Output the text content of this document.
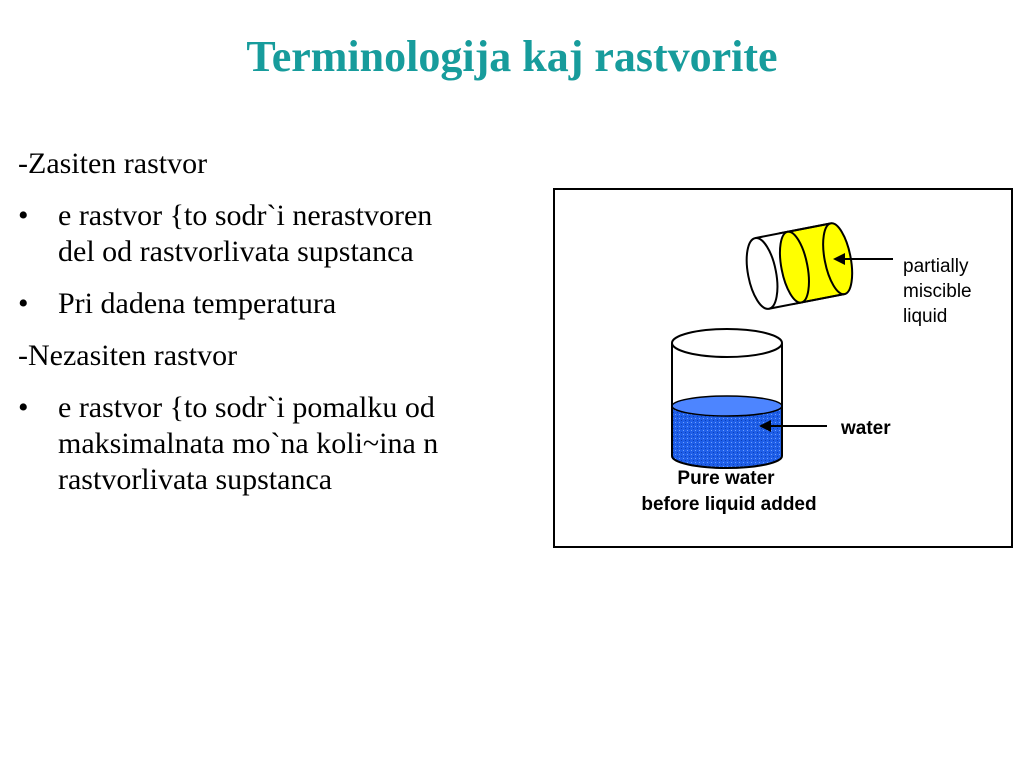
Terminologija kaj rastvorite

-Zasiten rastvor

• e rastvor {to sodr`i nerastvoren
del od rastvorlivata supstanca
• Pri dadena temperatura

-Nezasiten rastvor

• e rastvor {to sodr`i pomalku od
maksimalnata mo`na koli~ina n
rastvorlivata supstanca
partially
miscible
liquid
water
Pure water
before liquid added
